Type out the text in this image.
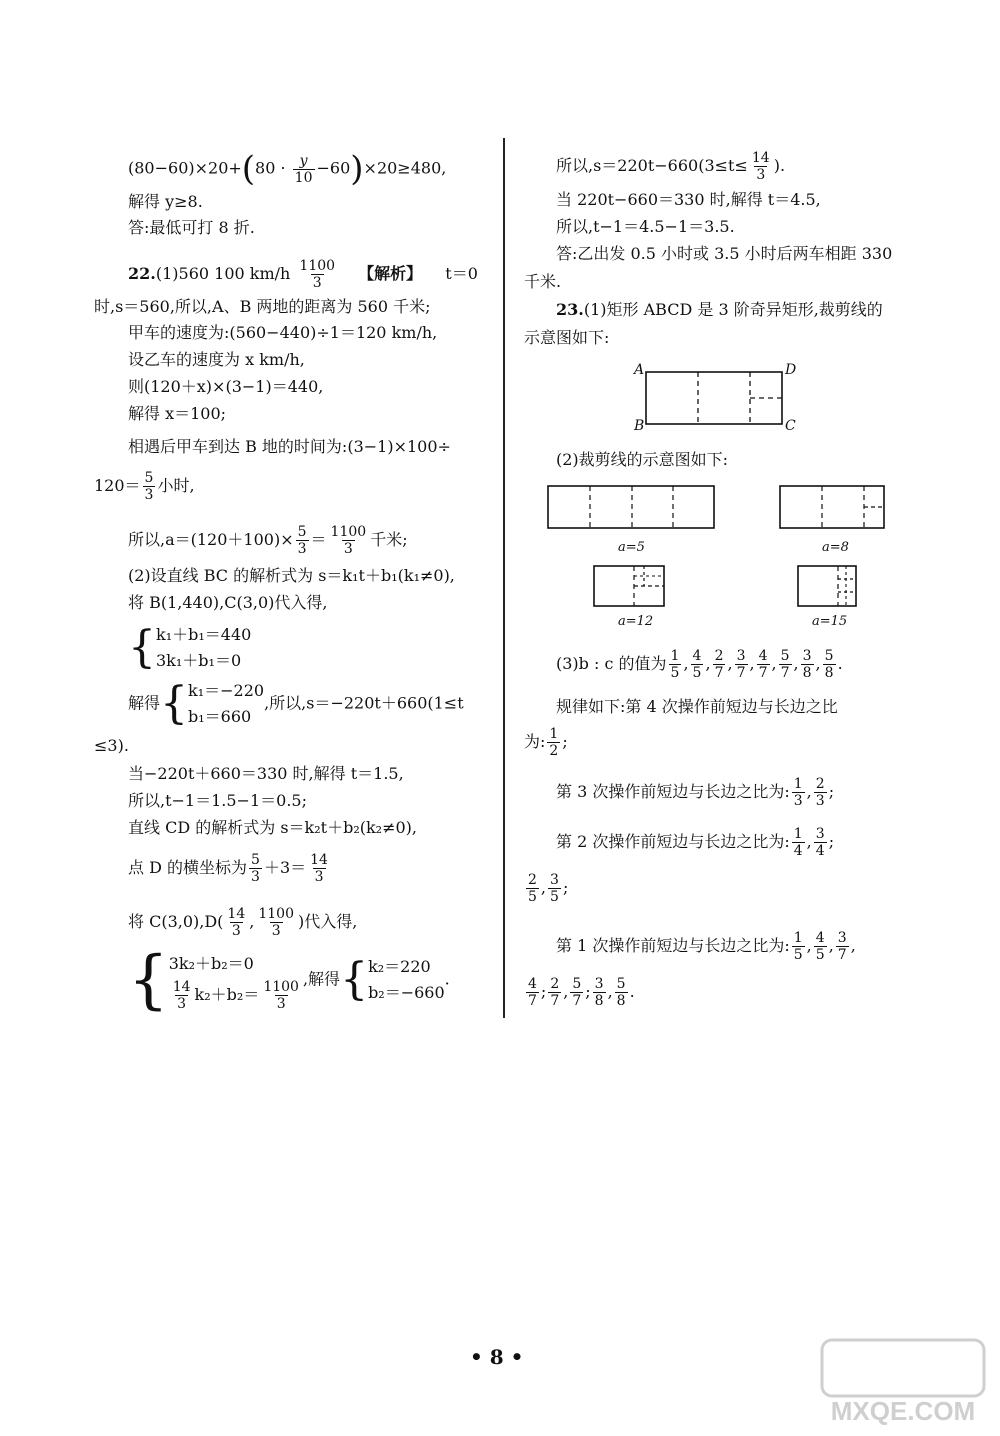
$(80-60)\times 20+(80 \cdot \frac{y}{10} -60)\times 20\ge 480$,
解得 y≥8.
答:最低可打 8 折.
22.(1)560 100 $km/h \frac{1100}{3}$ 【解析】 t＝0
时,s＝560,所以,A、B 两地的距离为 560 千米;
甲车的速度为:(560−440)÷1＝120 km/h,
设乙车的速度为 x km/h,
则(120＋x)×(3−1)＝440,
解得 x＝100;
相遇后甲车到达 B 地的时间为:(3−1)×100÷
$120= \frac{5}{3}$ 小时,
所以$,a=(120+100)\times \frac{5}{3} = \frac{1100}{3}$ 千米;
(2)设直线 BC 的解析式为 s＝k₁t＋b₁(k₁≠0),
将 B(1,440),C(3,0)代入得,
{ k₁＋b₁＝440
3k₁＋b₁＝0
解得 { k₁＝−220
b₁＝660
,所以,s＝−220t＋660(1≤t
≤3).
当−220t＋660＝330 时,解得 t＝1.5,
所以,t−1＝1.5−1＝0.5;
直线 CD 的解析式为 s＝k₂t＋b₂(k₂≠0),
点 D 的横坐标为 $\frac{5}{3} +3= \frac{14}{3}$
将 $C(3,0),D( \frac{14}{3}$ , $\frac{1100}{3}$ )代入得,
{ 3k₂＋b₂＝0
$\frac{14}{3} k_2+b_2= \frac{1100}{3}$ ,解得 { k₂＝220
b₂＝−660
.
所以$,s=220t-660(3\le t\le \frac{14}{3}$ ).
当 220t−660＝330 时,解得 t＝4.5,
所以,t−1＝4.5−1＝3.5.
答:乙出发 0.5 小时或 3.5 小时后两车相距 330
千米.
23.(1)矩形 ABCD 是 3 阶奇异矩形,裁剪线的
示意图如下:
A
B	C
D
(2)裁剪线的示意图如下:
a=5	a=8
a=12	a=15
(3)b : c 的值为 $\frac{1}{5}$ , $\frac{4}{5}$ , $\frac{2}{7}$ , $\frac{3}{7}$ , $\frac{4}{7}$ , $\frac{5}{7}$ , $\frac{3}{8}$ , $\frac{5}{8}$ .
规律如下:第 4 次操作前短边与长边之比
为: $\frac{1}{2}$ ;
第 3 次操作前短边与长边之比为: $\frac{1}{3}$ , $\frac{2}{3}$ ;
第 2 次操作前短边与长边之比为: $\frac{1}{4}$ , $\frac{3}{4}$ ;
$\frac{2}{5}$ , $\frac{3}{5}$ ;
第 1 次操作前短边与长边之比为: $\frac{1}{5}$ , $\frac{4}{5}$ , $\frac{3}{7}$ ,
$\frac{4}{7}$ ; $\frac{2}{7}$ , $\frac{5}{7}$ ; $\frac{3}{8}$ , $\frac{5}{8}$ .
• 8 •
MXQE.COM
